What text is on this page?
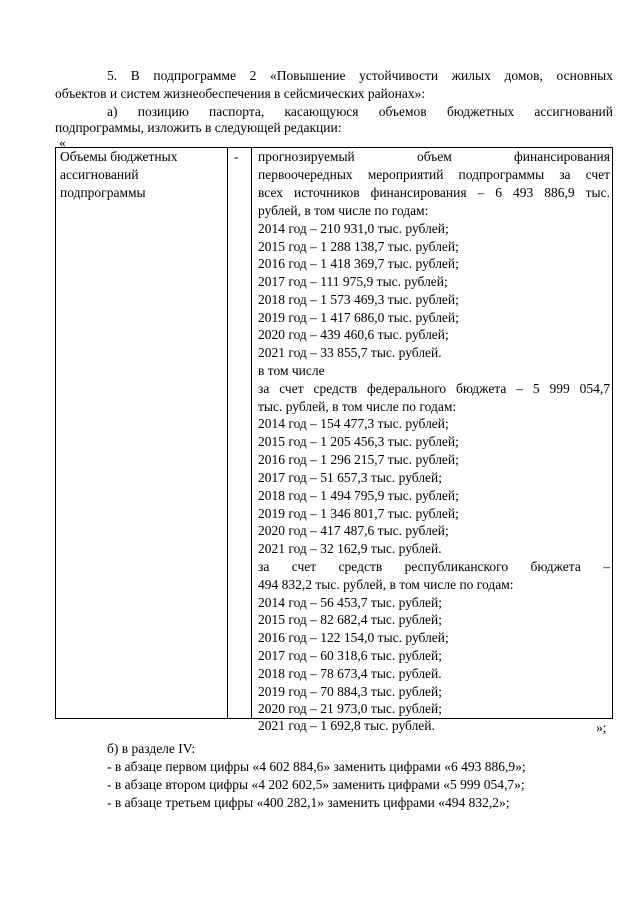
5. В подпрограмме 2 «Повышение устойчивости жилых домов, основных
объектов и систем жизнеобеспечения в сейсмических районах»:
а) позицию паспорта, касающуюся объемов бюджетных ассигнований
подпрограммы, изложить в следующей редакции:
«
Объемы бюджетных
ассигнований
подпрограммы
- прогнозируемый объем финансирования
первоочередных мероприятий подпрограммы за счет
всех источников финансирования – 6 493 886,9 тыс.
рублей, в том числе по годам:
2014 год – 210 931,0 тыс. рублей;
2015 год – 1 288 138,7 тыс. рублей;
2016 год – 1 418 369,7 тыс. рублей;
2017 год – 111 975,9 тыс. рублей;
2018 год – 1 573 469,3 тыс. рублей;
2019 год – 1 417 686,0 тыс. рублей;
2020 год – 439 460,6 тыс. рублей;
2021 год – 33 855,7 тыс. рублей.
в том числе
за счет средств федерального бюджета – 5 999 054,7
тыс. рублей, в том числе по годам:
2014 год – 154 477,3 тыс. рублей;
2015 год – 1 205 456,3 тыс. рублей;
2016 год – 1 296 215,7 тыс. рублей;
2017 год – 51 657,3 тыс. рублей;
2018 год – 1 494 795,9 тыс. рублей;
2019 год – 1 346 801,7 тыс. рублей;
2020 год – 417 487,6 тыс. рублей;
2021 год – 32 162,9 тыс. рублей.
за счет средств республиканского бюджета –
494 832,2 тыс. рублей, в том числе по годам:
2014 год – 56 453,7 тыс. рублей;
2015 год – 82 682,4 тыс. рублей;
2016 год – 122 154,0 тыс. рублей;
2017 год – 60 318,6 тыс. рублей;
2018 год – 78 673,4 тыс. рублей.
2019 год – 70 884,3 тыс. рублей;
2020 год – 21 973,0 тыс. рублей;
2021 год – 1 692,8 тыс. рублей.	»;
б) в разделе IV:
- в абзаце первом цифры «4 602 884,6» заменить цифрами «6 493 886,9»;
- в абзаце втором цифры «4 202 602,5» заменить цифрами «5 999 054,7»;
- в абзаце третьем цифры «400 282,1» заменить цифрами «494 832,2»;
